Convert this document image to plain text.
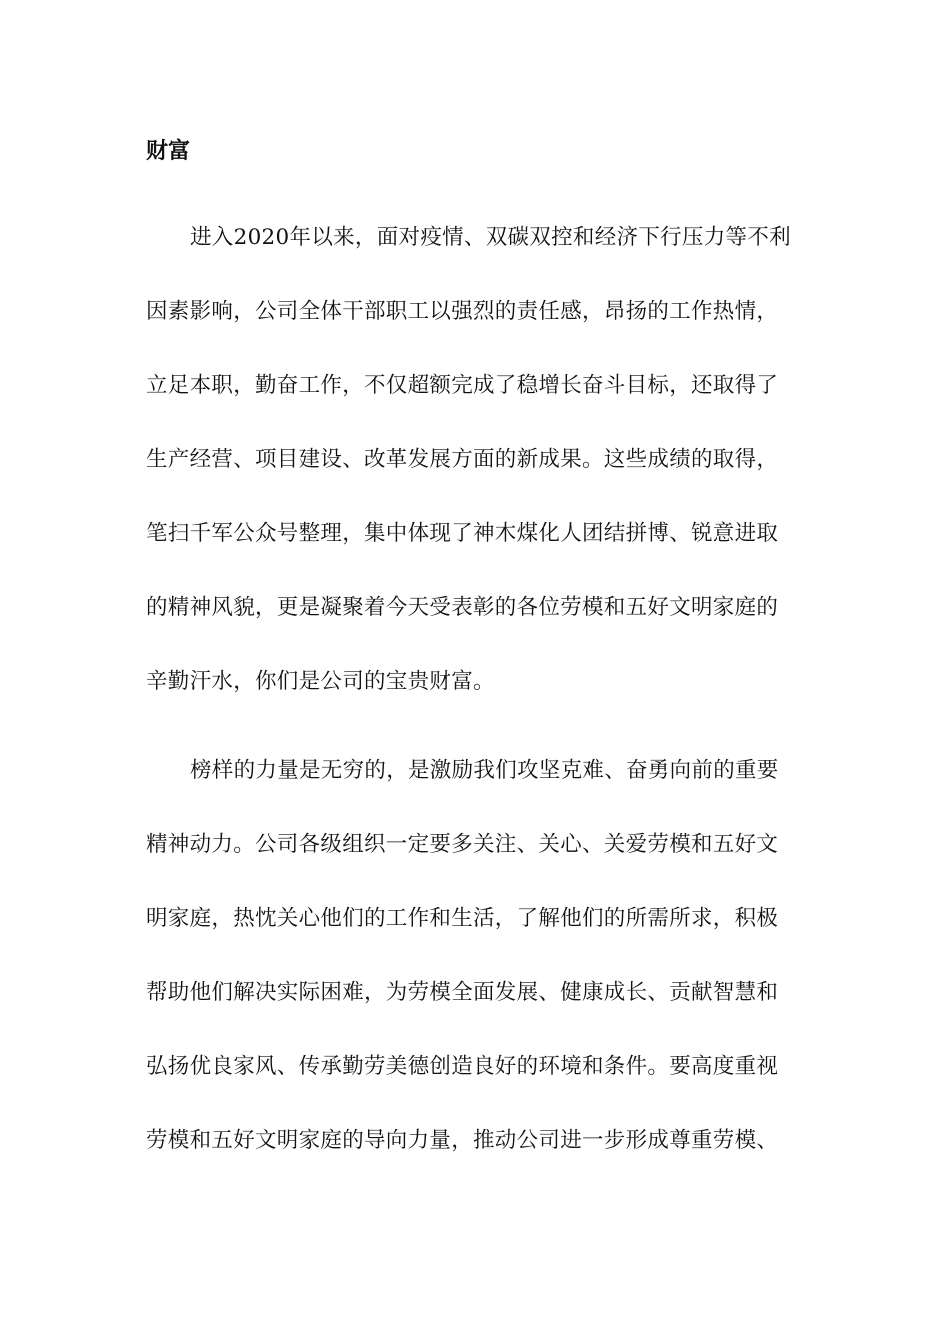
财富

进入2020年以来，面对疫情、双碳双控和经济下行压力等不利

因素影响，公司全体干部职工以强烈的责任感，昂扬的工作热情，

立足本职，勤奋工作，不仅超额完成了稳增长奋斗目标，还取得了

生产经营、项目建设、改革发展方面的新成果。这些成绩的取得，

笔扫千军公众号整理，集中体现了神木煤化人团结拼博、锐意进取

的精神风貌，更是凝聚着今天受表彰的各位劳模和五好文明家庭的

辛勤汗水，你们是公司的宝贵财富。

榜样的力量是无穷的，是激励我们攻坚克难、奋勇向前的重要

精神动力。公司各级组织一定要多关注、关心、关爱劳模和五好文

明家庭，热忱关心他们的工作和生活，了解他们的所需所求，积极

帮助他们解决实际困难，为劳模全面发展、健康成长、贡献智慧和

弘扬优良家风、传承勤劳美德创造良好的环境和条件。要高度重视

劳模和五好文明家庭的导向力量，推动公司进一步形成尊重劳模、
